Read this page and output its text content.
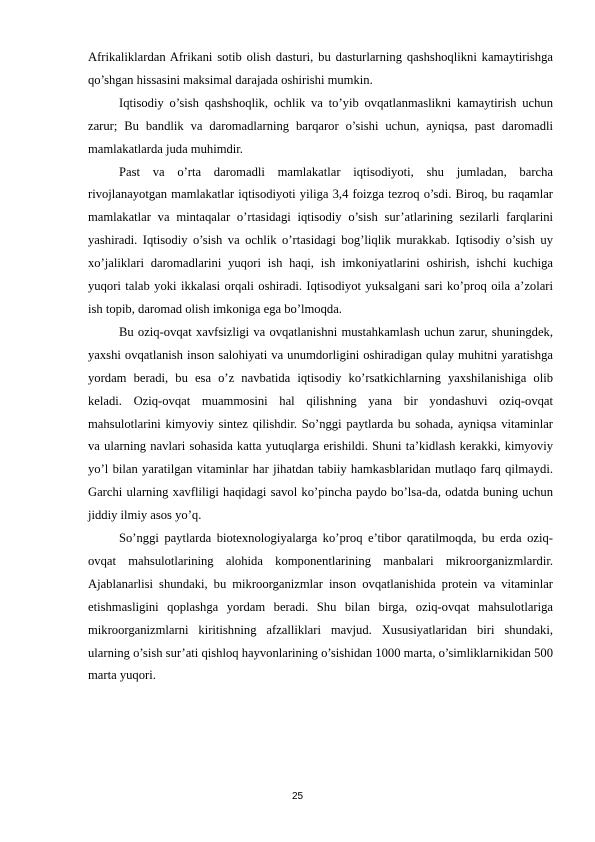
Afrikaliklardan Afrikani sotib olish dasturi, bu dasturlarning qashshoqlikni kamaytirishga qo’shgan hissasini maksimal darajada oshirishi mumkin.

Iqtisodiy o’sish qashshoqlik, ochlik va to’yib ovqatlanmaslikni kamaytirish uchun zarur; Bu bandlik va daromadlarning barqaror o’sishi uchun, ayniqsa, past daromadli mamlakatlarda juda muhimdir.

Past va o’rta daromadli mamlakatlar iqtisodiyoti, shu jumladan, barcha rivojlanayotgan mamlakatlar iqtisodiyoti yiliga 3,4 foizga tezroq o’sdi. Biroq, bu raqamlar mamlakatlar va mintaqalar o’rtasidagi iqtisodiy o’sish sur’atlarining sezilarli farqlarini yashiradi. Iqtisodiy o’sish va ochlik o’rtasidagi bog’liqlik murakkab. Iqtisodiy o’sish uy xo’jaliklari daromadlarini yuqori ish haqi, ish imkoniyatlarini oshirish, ishchi kuchiga yuqori talab yoki ikkalasi orqali oshiradi. Iqtisodiyot yuksalgani sari ko’proq oila a’zolari ish topib, daromad olish imkoniga ega bo’lmoqda.

Bu oziq-ovqat xavfsizligi va ovqatlanishni mustahkamlash uchun zarur, shuningdek, yaxshi ovqatlanish inson salohiyati va unumdorligini oshiradigan qulay muhitni yaratishga yordam beradi, bu esa o’z navbatida iqtisodiy ko’rsatkichlarning yaxshilanishiga olib keladi. Oziq-ovqat muammosini hal qilishning yana bir yondashuvi oziq-ovqat mahsulotlarini kimyoviy sintez qilishdir. So’nggi paytlarda bu sohada, ayniqsa vitaminlar va ularning navlari sohasida katta yutuqlarga erishildi. Shuni ta’kidlash kerakki, kimyoviy yo’l bilan yaratilgan vitaminlar har jihatdan tabiiy hamkasblaridan mutlaqo farq qilmaydi. Garchi ularning xavfliligi haqidagi savol ko’pincha paydo bo’lsa-da, odatda buning uchun jiddiy ilmiy asos yo’q.

So’nggi paytlarda biotexnologiyalarga ko’proq e’tibor qaratilmoqda, bu erda oziq-ovqat mahsulotlarining alohida komponentlarining manbalari mikroorganizmlardir. Ajablanarlisi shundaki, bu mikroorganizmlar inson ovqatlanishida protein va vitaminlar etishmasligini qoplashga yordam beradi. Shu bilan birga, oziq-ovqat mahsulotlariga mikroorganizmlarni kiritishning afzalliklari mavjud. Xususiyatlaridan biri shundaki, ularning o’sish sur’ati qishloq hayvonlarining o’sishidan 1000 marta, o’simliklarnikidan 500 marta yuqori.

25
